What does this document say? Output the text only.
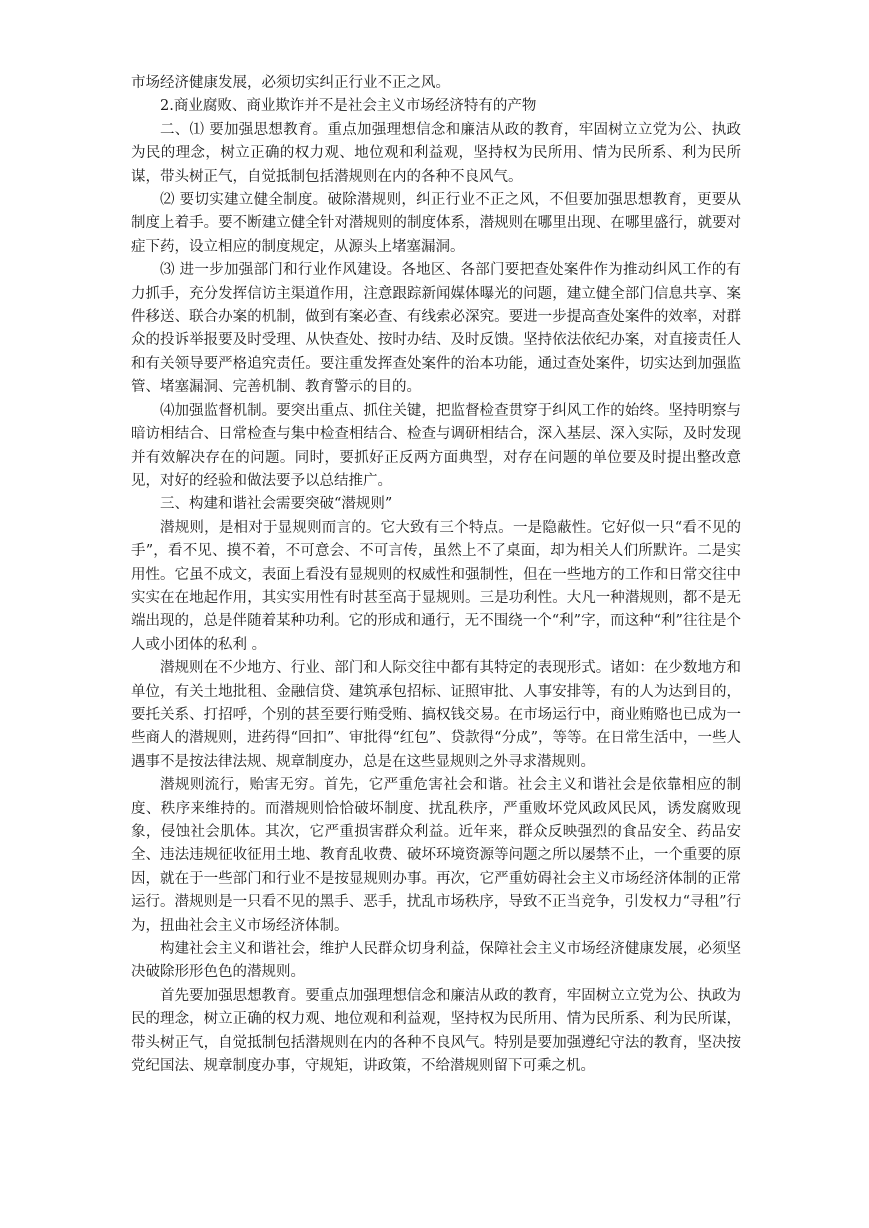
市场经济健康发展，必须切实纠正行业不正之风。

2.商业腐败、商业欺诈并不是社会主义市场经济特有的产物

二、⑴ 要加强思想教育。重点加强理想信念和廉洁从政的教育，牢固树立立党为公、执政为民的理念，树立正确的权力观、地位观和利益观，坚持权为民所用、情为民所系、利为民所谋，带头树正气，自觉抵制包括潜规则在内的各种不良风气。

⑵ 要切实建立健全制度。破除潜规则，纠正行业不正之风，不但要加强思想教育，更要从制度上着手。要不断建立健全针对潜规则的制度体系，潜规则在哪里出现、在哪里盛行，就要对症下药，设立相应的制度规定，从源头上堵塞漏洞。

⑶ 进一步加强部门和行业作风建设。各地区、各部门要把查处案件作为推动纠风工作的有力抓手，充分发挥信访主渠道作用，注意跟踪新闻媒体曝光的问题，建立健全部门信息共享、案件移送、联合办案的机制，做到有案必查、有线索必深究。要进一步提高查处案件的效率，对群众的投诉举报要及时受理、从快查处、按时办结、及时反馈。坚持依法依纪办案，对直接责任人和有关领导要严格追究责任。要注重发挥查处案件的治本功能，通过查处案件，切实达到加强监管、堵塞漏洞、完善机制、教育警示的目的。

⑷加强监督机制。要突出重点、抓住关键，把监督检查贯穿于纠风工作的始终。坚持明察与暗访相结合、日常检查与集中检查相结合、检查与调研相结合，深入基层、深入实际，及时发现并有效解决存在的问题。同时，要抓好正反两方面典型，对存在问题的单位要及时提出整改意见，对好的经验和做法要予以总结推广。

三、构建和谐社会需要突破“潜规则”

潜规则，是相对于显规则而言的。它大致有三个特点。一是隐蔽性。它好似一只“看不见的手”，看不见、摸不着，不可意会、不可言传，虽然上不了桌面，却为相关人们所默许。二是实用性。它虽不成文，表面上看没有显规则的权威性和强制性，但在一些地方的工作和日常交往中实实在在地起作用，其实实用性有时甚至高于显规则。三是功利性。大凡一种潜规则，都不是无端出现的，总是伴随着某种功利。它的形成和通行，无不围绕一个“利”字，而这种“利”往往是个人或小团体的私利 。

潜规则在不少地方、行业、部门和人际交往中都有其特定的表现形式。诸如：在少数地方和单位，有关土地批租、金融信贷、建筑承包招标、证照审批、人事安排等，有的人为达到目的，要托关系、打招呼，个别的甚至要行贿受贿、搞权钱交易。在市场运行中，商业贿赂也已成为一些商人的潜规则，进药得“回扣”、审批得“红包”、贷款得“分成”，等等。在日常生活中，一些人遇事不是按法律法规、规章制度办，总是在这些显规则之外寻求潜规则。

潜规则流行，贻害无穷。首先，它严重危害社会和谐。社会主义和谐社会是依靠相应的制度、秩序来维持的。而潜规则恰恰破坏制度、扰乱秩序，严重败坏党风政风民风，诱发腐败现象，侵蚀社会肌体。其次，它严重损害群众利益。近年来，群众反映强烈的食品安全、药品安全、违法违规征收征用土地、教育乱收费、破坏环境资源等问题之所以屡禁不止，一个重要的原因，就在于一些部门和行业不是按显规则办事。再次，它严重妨碍社会主义市场经济体制的正常运行。潜规则是一只看不见的黑手、恶手，扰乱市场秩序，导致不正当竞争，引发权力“寻租”行为，扭曲社会主义市场经济体制。

构建社会主义和谐社会，维护人民群众切身利益，保障社会主义市场经济健康发展，必须坚决破除形形色色的潜规则。

首先要加强思想教育。要重点加强理想信念和廉洁从政的教育，牢固树立立党为公、执政为民的理念，树立正确的权力观、地位观和利益观，坚持权为民所用、情为民所系、利为民所谋，带头树正气，自觉抵制包括潜规则在内的各种不良风气。特别是要加强遵纪守法的教育，坚决按党纪国法、规章制度办事，守规矩，讲政策，不给潜规则留下可乘之机。
